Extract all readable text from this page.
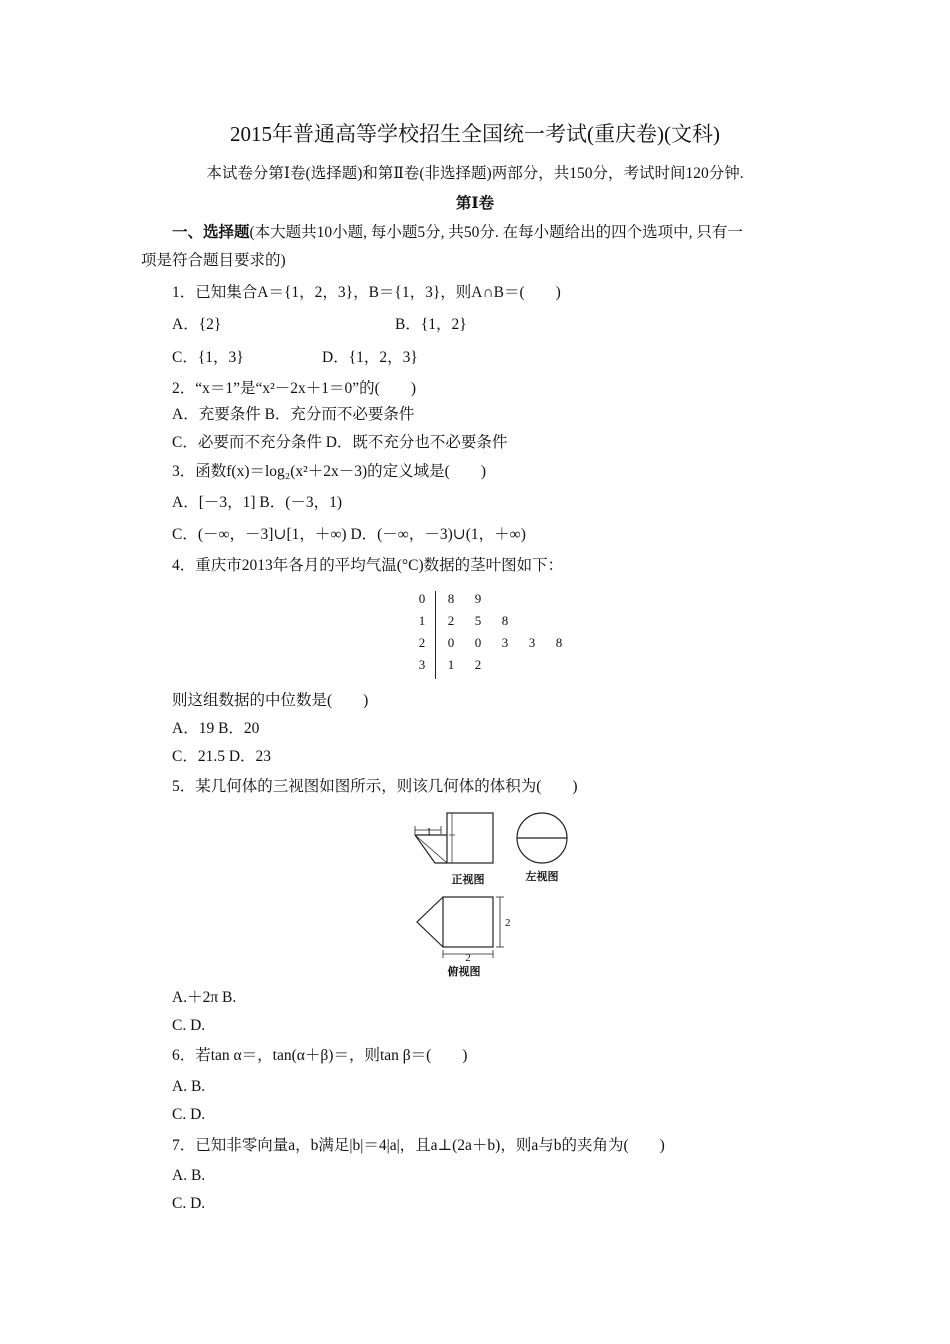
2015年普通高等学校招生全国统一考试(重庆卷)(文科)
本试卷分第Ⅰ卷(选择题)和第Ⅱ卷(非选择题)两部分，共150分，考试时间120分钟.
第Ⅰ卷
一、选择题(本大题共10小题, 每小题5分, 共50分. 在每小题给出的四个选项中, 只有一
项是符合题目要求的)
1．已知集合A＝{1，2，3}，B＝{1，3}，则A∩B＝(　　)
A．{2}	B．{1，2}
C．{1，3}	D．{1，2，3}
2．“x＝1”是“x²－2x＋1＝0”的(　　)
A．充要条件 B．充分而不必要条件
C．必要而不充分条件 D．既不充分也不必要条件
3．函数f(x)＝log₂(x²＋2x－3)的定义域是(　　)
A．[－3，1] B．(－3，1)
C．(－∞，－3]∪[1，＋∞) D．(－∞，－3)∪(1，＋∞)
4．重庆市2013年各月的平均气温(°C)数据的茎叶图如下：
0 8 9
1 2 5 8
2 0 0 3 3 8
3 1 2
则这组数据的中位数是(　　)
A．19 B．20
C．21.5 D．23
5．某几何体的三视图如图所示，则该几何体的体积为(　　)
1
2
2
正视图	左视图
俯视图
A.＋2π B.
C. D.
6．若tan α＝，tan(α＋β)＝，则tan β＝(　　)
A. B.
C. D.
7．已知非零向量a，b满足|b|＝4|a|，且a⊥(2a＋b)，则a与b的夹角为(　　)
A. B.
C. D.
